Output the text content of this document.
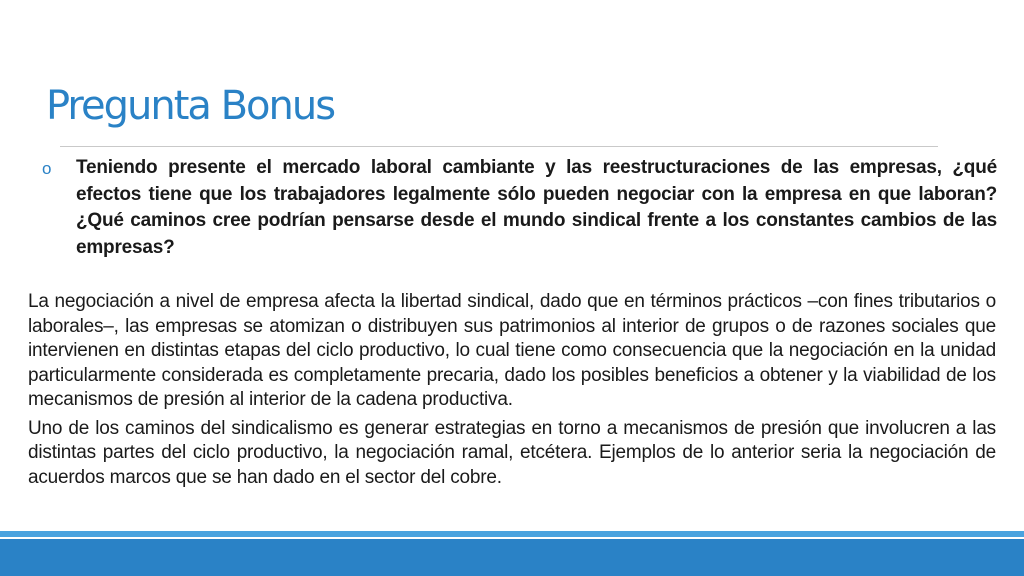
Pregunta Bonus
o Teniendo presente el mercado laboral cambiante y las reestructuraciones de las empresas, ¿qué efectos tiene que los trabajadores legalmente sólo pueden negociar con la empresa en que laboran?¿Qué caminos cree podrían pensarse desde el mundo sindical frente a los constantes cambios de las empresas?

La negociación a nivel de empresa afecta la libertad sindical, dado que en términos prácticos –con fines tributarios o laborales–, las empresas se atomizan o distribuyen sus patrimonios al interior de grupos o de razones sociales que intervienen en distintas etapas del ciclo productivo, lo cual tiene como consecuencia que la negociación en la unidad particularmente considerada es completamente precaria, dado los posibles beneficios a obtener y la viabilidad de los mecanismos de presión al interior de la cadena productiva.

Uno de los caminos del sindicalismo es generar estrategias en torno a mecanismos de presión que involucren a las distintas partes del ciclo productivo, la negociación ramal, etcétera. Ejemplos de lo anterior seria la negociación de acuerdos marcos que se han dado en el sector del cobre.
